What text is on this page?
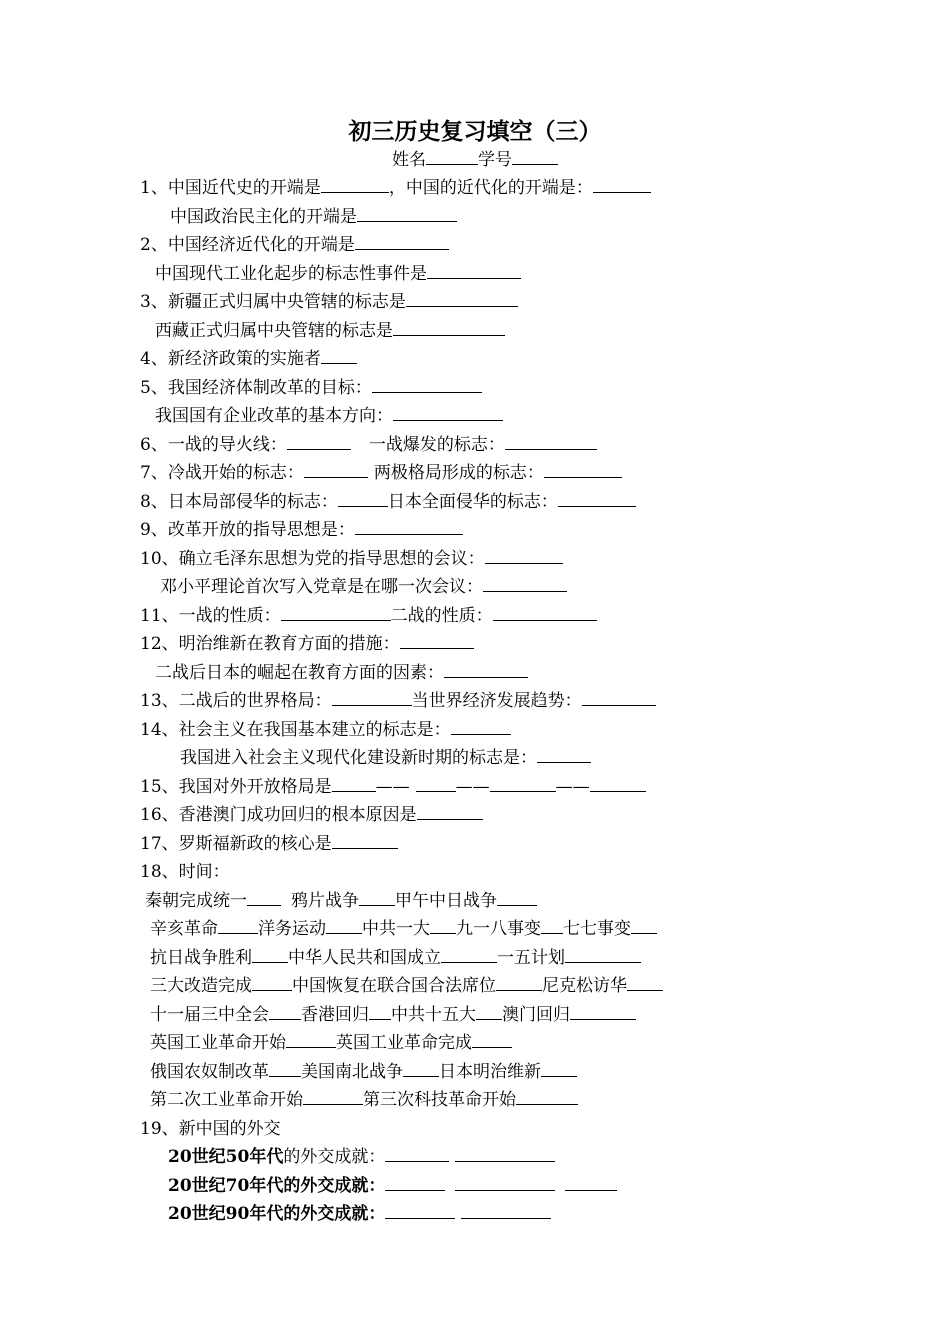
初三历史复习填空（三）
姓名	学号
1、中国近代史的开端是	，中国的近代化的开端是：
中国政治民主化的开端是
2、中国经济近代化的开端是
中国现代工业化起步的标志性事件是
3、新疆正式归属中央管辖的标志是
西藏正式归属中央管辖的标志是
4、新经济政策的实施者
5、我国经济体制改革的目标：
我国国有企业改革的基本方向：
6、一战的导火线：	一战爆发的标志：
7、冷战开始的标志：	两极格局形成的标志：
8、日本局部侵华的标志：	日本全面侵华的标志：
9、改革开放的指导思想是：
10、确立毛泽东思想为党的指导思想的会议：
邓小平理论首次写入党章是在哪一次会议：
11、一战的性质：	二战的性质：
12、明治维新在教育方面的措施：
二战后日本的崛起在教育方面的因素：
13、二战后的世界格局：	当世界经济发展趋势：
14、社会主义在我国基本建立的标志是：
我国进入社会主义现代化建设新时期的标志是：
15、我国对外开放格局是	——	——	——
16、香港澳门成功回归的根本原因是
17、罗斯福新政的核心是
18、时间：
秦朝完成统一	鸦片战争 甲午中日战争
辛亥革命 洋务运动 中共一大 九一八事变 七七事变
抗日战争胜利 中华人民共和国成立	一五计划
三大改造完成 中国恢复在联合国合法席位	尼克松访华
十一届三中全会 香港回归 中共十五大 澳门回归
英国工业革命开始	英国工业革命完成
俄国农奴制改革 美国南北战争 日本明治维新
第二次工业革命开始	第三次科技革命开始
19、新中国的外交
20世纪50年代的外交成就：
20世纪70年代的外交成就：
20世纪90年代的外交成就：
